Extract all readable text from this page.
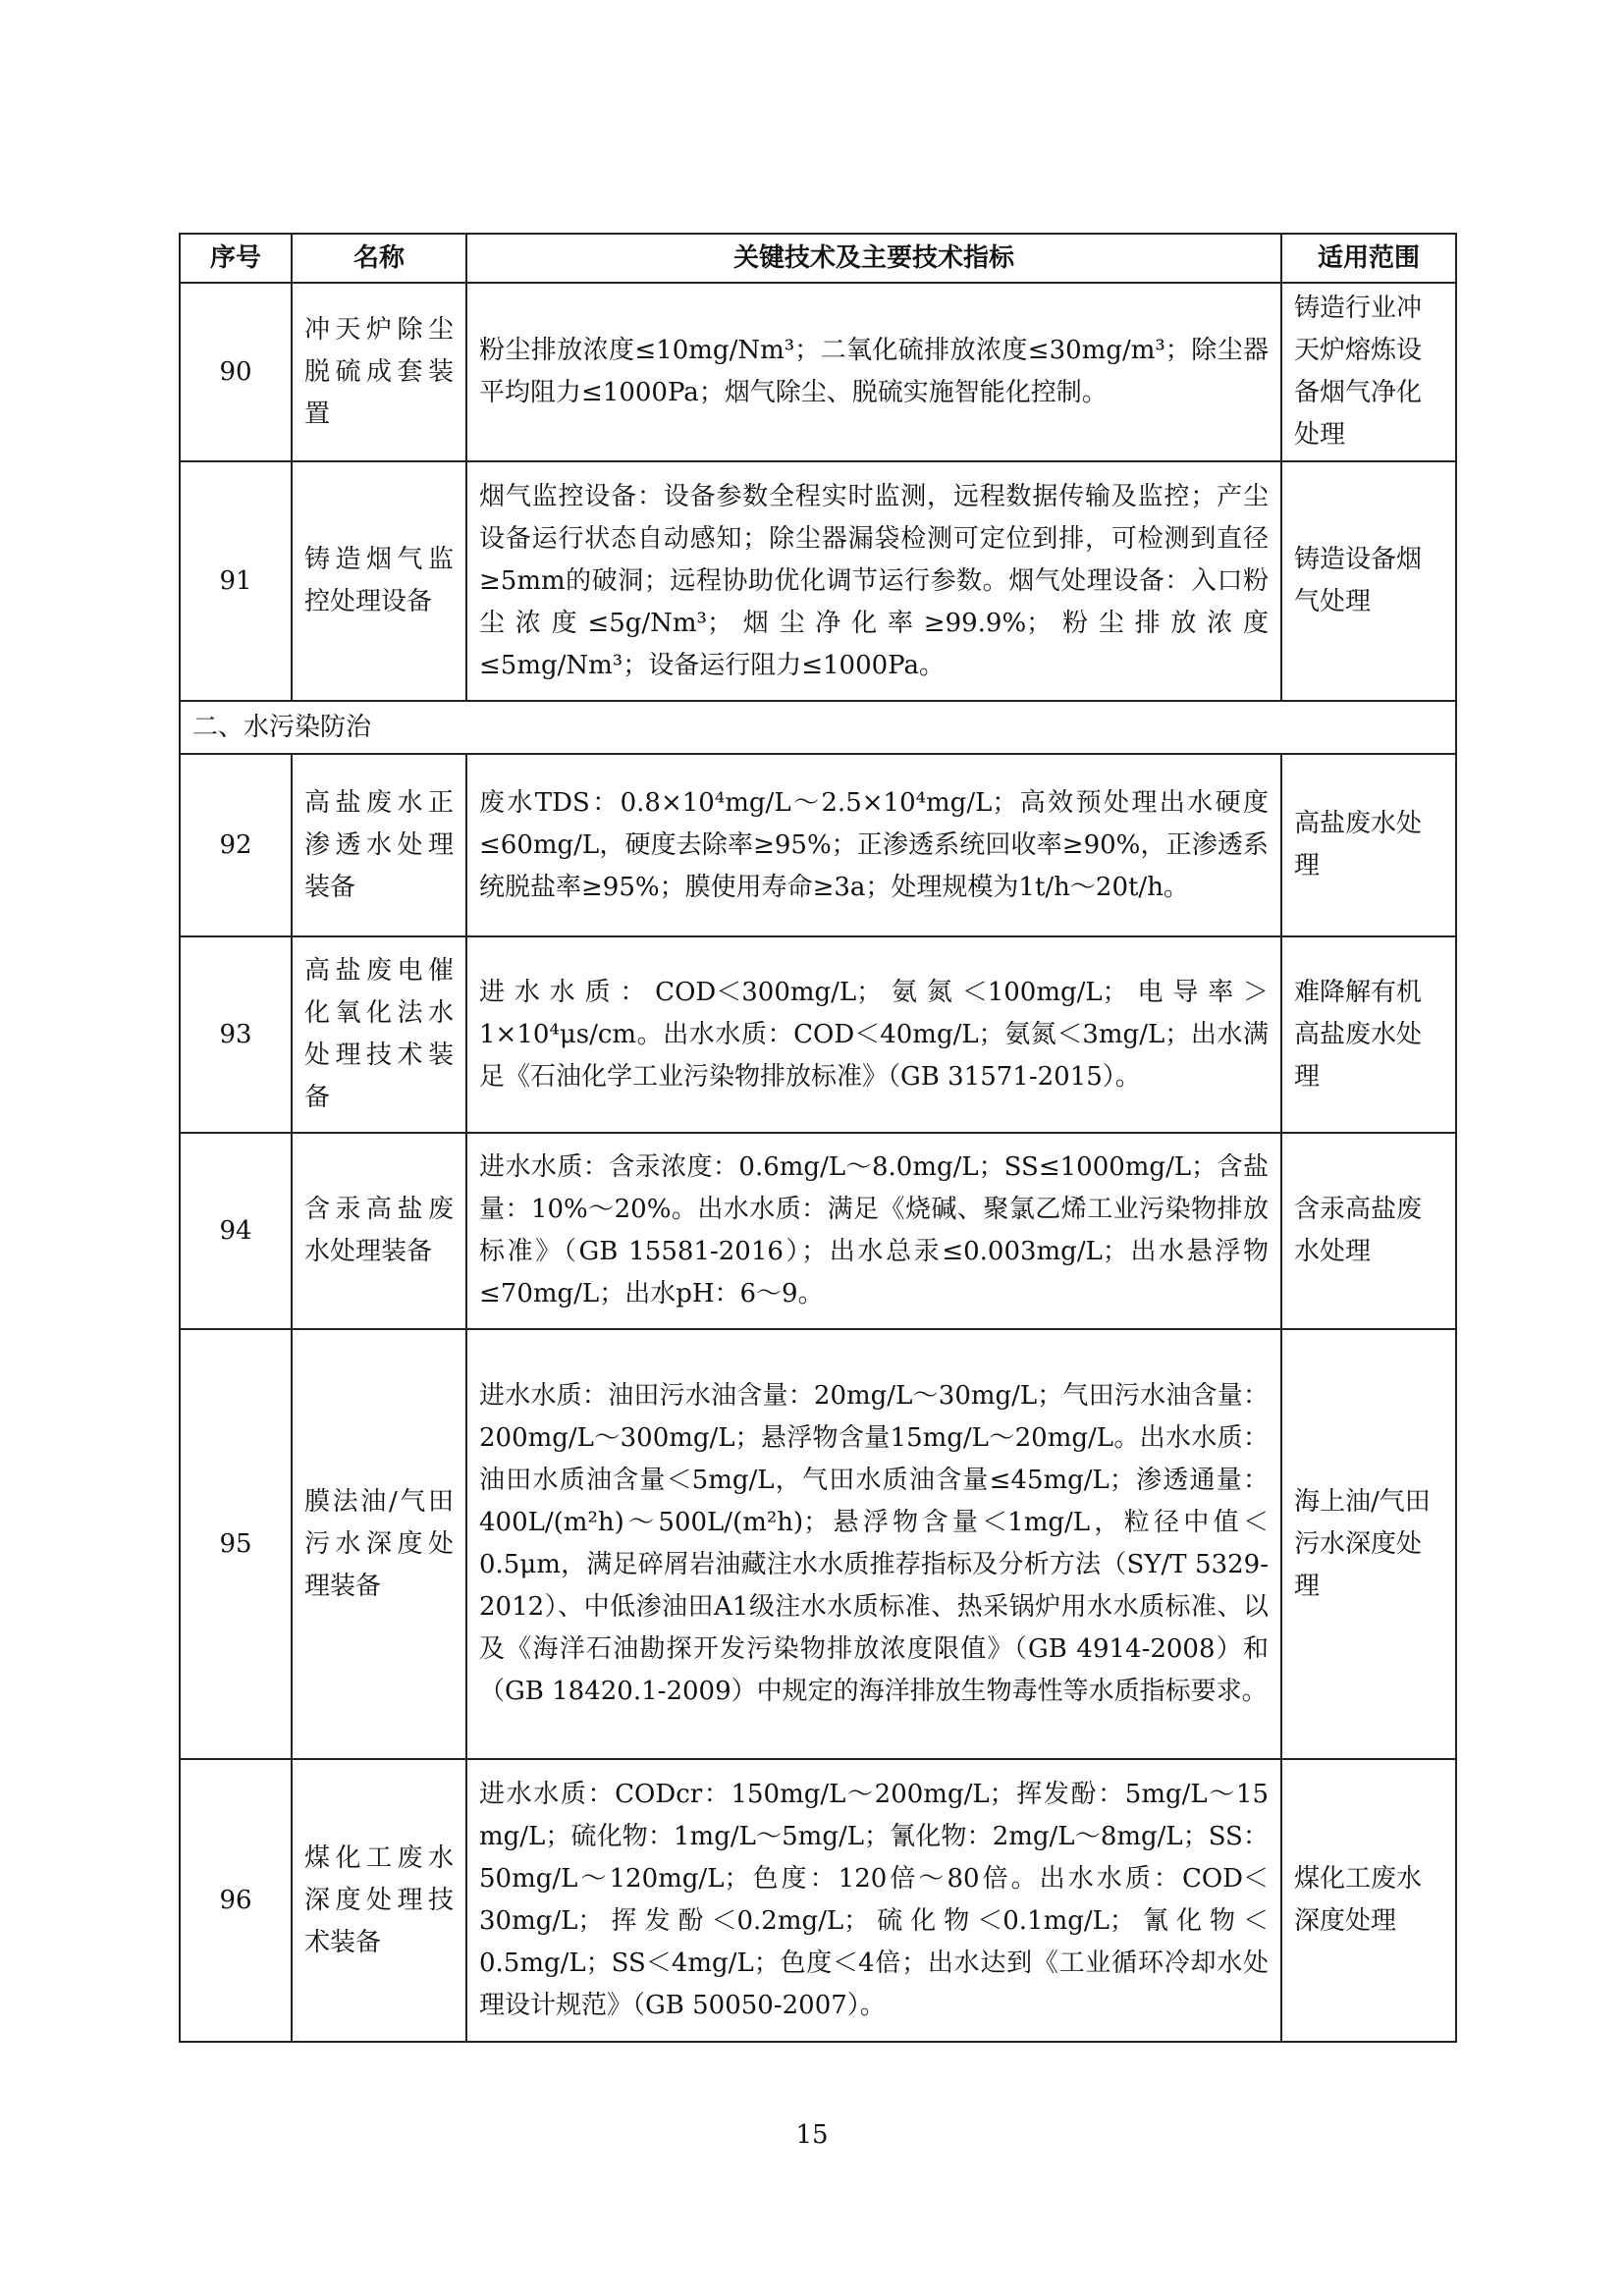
序号	名称	关键技术及主要技术指标	适用范围
90	冲天炉除尘脱硫成套装置	粉尘排放浓度≤10mg/Nm³；二氧化硫排放浓度≤30mg/m³；除尘器平均阻力≤1000Pa；烟气除尘、脱硫实施智能化控制。	铸造行业冲天炉熔炼设备烟气净化处理
91	铸造烟气监控处理设备	烟气监控设备：设备参数全程实时监测，远程数据传输及监控；产尘设备运行状态自动感知；除尘器漏袋检测可定位到排，可检测到直径≥5mm的破洞；远程协助优化调节运行参数。烟气处理设备：入口粉尘浓度≤5g/Nm³；烟尘净化率≥99.9%；粉尘排放浓度≤5mg/Nm³；设备运行阻力≤1000Pa。	铸造设备烟气处理
二、水污染防治			
92	高盐废水正渗透水处理装备	废水TDS：0.8×10⁴mg/L～2.5×10⁴mg/L；高效预处理出水硬度≤60mg/L，硬度去除率≥95%；正渗透系统回收率≥90%，正渗透系统脱盐率≥95%；膜使用寿命≥3a；处理规模为1t/h～20t/h。	高盐废水处理
93	高盐废电催化氧化法水处理技术装备	进水水质：COD＜300mg/L；氨氮＜100mg/L；电导率＞1×10⁴μs/cm。出水水质：COD＜40mg/L；氨氮＜3mg/L；出水满足《石油化学工业污染物排放标准》（GB 31571-2015）。	难降解有机高盐废水处理
94	含汞高盐废水处理装备	进水水质：含汞浓度：0.6mg/L～8.0mg/L；SS≤1000mg/L；含盐量：10%～20%。出水水质：满足《烧碱、聚氯乙烯工业污染物排放标准》（GB 15581-2016）；出水总汞≤0.003mg/L；出水悬浮物≤70mg/L；出水pH：6～9。	含汞高盐废水处理
95	膜法油/气田污水深度处理装备	进水水质：油田污水油含量：20mg/L～30mg/L；气田污水油含量：200mg/L～300mg/L；悬浮物含量15mg/L～20mg/L。出水水质：油田水质油含量＜5mg/L，气田水质油含量≤45mg/L；渗透通量：400L/(m²h)～500L/(m²h)；悬浮物含量＜1mg/L，粒径中值＜0.5μm，满足碎屑岩油藏注水水质推荐指标及分析方法（SY/T 5329-2012）、中低渗油田A1级注水水质标准、热采锅炉用水水质标准、以及《海洋石油勘探开发污染物排放浓度限值》（GB 4914-2008）和（GB 18420.1-2009）中规定的海洋排放生物毒性等水质指标要求。	海上油/气田污水深度处理
96	煤化工废水深度处理技术装备	进水水质：CODcr：150mg/L～200mg/L；挥发酚：5mg/L～15 mg/L；硫化物：1mg/L～5mg/L；氰化物：2mg/L～8mg/L；SS：50mg/L～120mg/L；色度：120倍～80倍。出水水质：COD＜30mg/L；挥发酚＜0.2mg/L；硫化物＜0.1mg/L；氰化物＜0.5mg/L；SS＜4mg/L；色度＜4倍；出水达到《工业循环冷却水处理设计规范》（GB 50050-2007）。	煤化工废水深度处理
15
